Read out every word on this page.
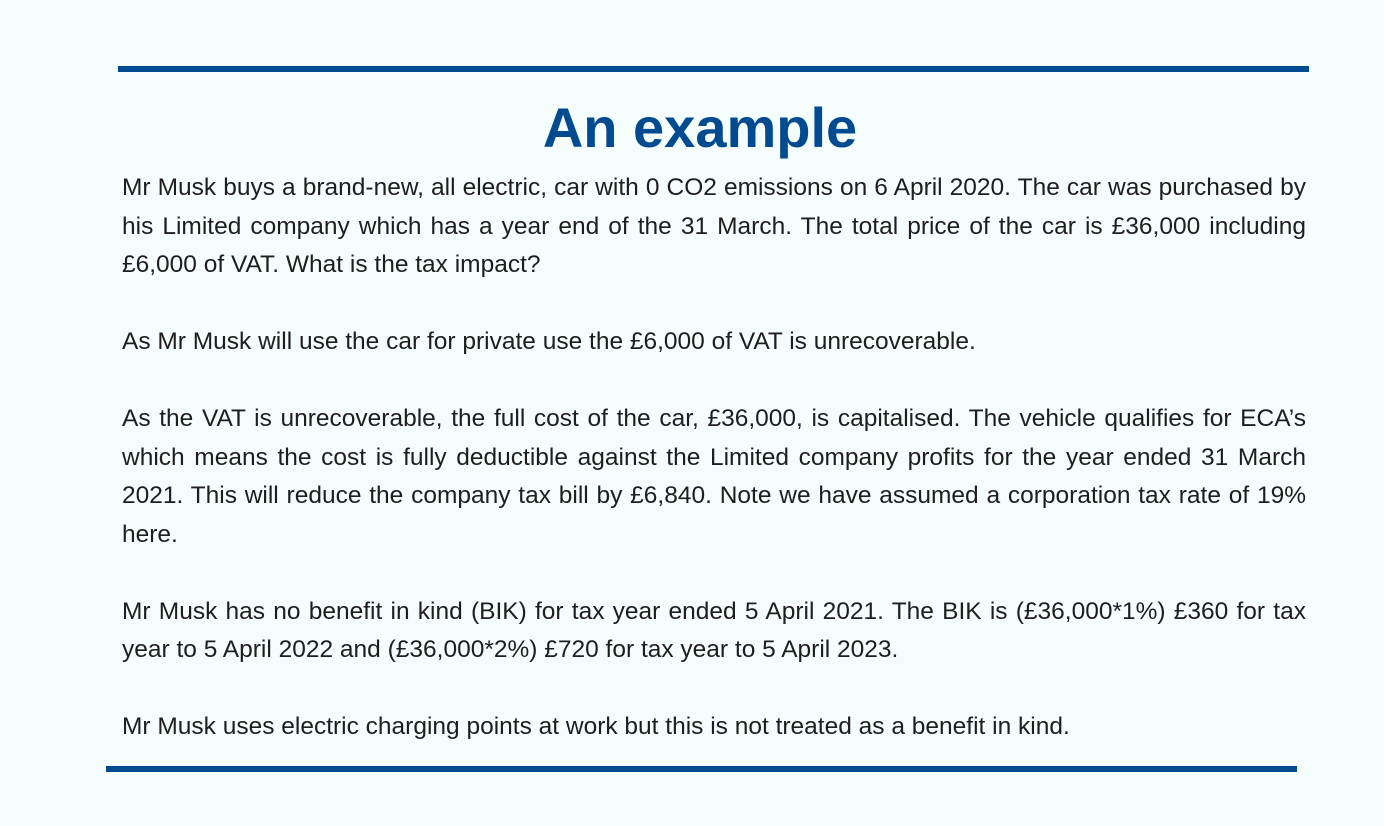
An example

Mr Musk buys a brand-new, all electric, car with 0 CO2 emissions on 6 April 2020. The car was purchased by his Limited company which has a year end of the 31 March. The total price of the car is £36,000 including £6,000 of VAT. What is the tax impact?

As Mr Musk will use the car for private use the £6,000 of VAT is unrecoverable.

As the VAT is unrecoverable, the full cost of the car, £36,000, is capitalised. The vehicle qualifies for ECA’s which means the cost is fully deductible against the Limited company profits for the year ended 31 March 2021. This will reduce the company tax bill by £6,840. Note we have assumed a corporation tax rate of 19% here.

Mr Musk has no benefit in kind (BIK) for tax year ended 5 April 2021. The BIK is (£36,000*1%) £360 for tax year to 5 April 2022 and (£36,000*2%) £720 for tax year to 5 April 2023.

Mr Musk uses electric charging points at work but this is not treated as a benefit in kind.
